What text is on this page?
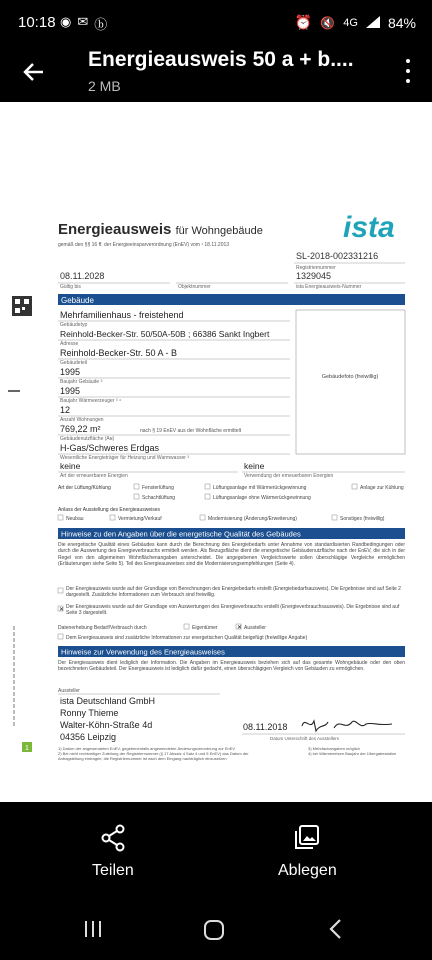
10:18 ◉ ✉ ⓑ	⏰ 🔇 4G 84%
Energieausweis 50 a + b....
2 MB
Energieausweis für Wohngebäude
gemäß den §§ 16 ff. der Energieeinsparverordnung (EnEV) vom ¹ 18.11.2013
ista
SL-2018-002331216
Registriernummer
08.11.2028
Gültig bis	Objektnummer
1329045
ista Energieausweis-Nummer
Gebäude
Mehrfamilienhaus - freistehend
Gebäudetyp
Reinhold-Becker-Str. 50/50A-50B ; 66386 Sankt Ingbert
Adresse
Reinhold-Becker-Str. 50 A - B
Gebäudeteil
1995
Baujahr Gebäude ³
1995
Baujahr Wärmeerzeuger ³ ⁴
12
Anzahl Wohnungen
769,22 m²	nach § 19 EnEV aus der Wohnfläche ermittelt
Gebäudenutzfläche (Aɴ)
H-Gas/Schweres Erdgas
Wesentliche Energieträger für Heizung und Warmwasser ³
Gebäudefoto (freiwillig)
keine
Art der erneuerbaren Energien
keine
Verwendung der erneuerbaren Energien
Art der Lüftung/Kühlung	Fensterlüftung
Schachtlüftung
Lüftungsanlage mit Wärmerückgewinnung
Lüftungsanlage ohne Wärmerückgewinnung
Anlage zur Kühlung
Anlass der Ausstellung des Energieausweises
Neubau	Vermietung/Verkauf	Modernisierung (Änderung/Erweiterung)	Sonstiges (freiwillig)
Hinweise zu den Angaben über die energetische Qualität des Gebäudes
Die energetische Qualität eines Gebäudes kann durch die Berechnung des Energiebedarfs unter Annahme von standardisierten Randbedingungen oder durch die Auswertung des Energieverbrauchs ermittelt werden. Als Bezugsfläche dient die energetische Gebäudenutzfläche nach der EnEV, die sich in der Regel von den allgemeinen Wohnflächenangaben unterscheidet. Die angegebenen Vergleichswerte sollen überschlägige Vergleiche ermöglichen (Erläuterungen siehe Seite 5). Teil des Energieausweises sind die Modernisierungsempfehlungen (Seite 4).
Der Energieausweis wurde auf der Grundlage von Berechnungen des Energiebedarfs erstellt (Energiebedarfsausweis). Die Ergebnisse sind auf Seite 2 dargestellt. Zusätzliche Informationen zum Verbrauch sind freiwillig.
✕ Der Energieausweis wurde auf der Grundlage von Auswertungen des Energieverbrauchs erstellt (Energieverbrauchsausweis). Die Ergebnisse sind auf Seite 3 dargestellt.
Datenerhebung Bedarf/Verbrauch durch	Eigentümer	✕ Aussteller
Dem Energieausweis sind zusätzliche Informationen zur energetischen Qualität beigefügt (freiwillige Angabe)
Hinweise zur Verwendung des Energieausweises
Der Energieausweis dient lediglich der Information. Die Angaben im Energieausweis beziehen sich auf das gesamte Wohngebäude oder den oben bezeichneten Gebäudeteil. Der Energieausweis ist lediglich dafür gedacht, einen überschlägigen Vergleich von Gebäuden zu ermöglichen.
Aussteller
ista Deutschland GmbH
Ronny Thieme
Walter-Köhn-Straße 4d
04356 Leipzig
08.11.2018
Datum Unterschrift des Ausstellers
1	1) Datum der angewendeten EnEV, gegebenenfalls angewendeten Änderungsverordnung zur EnEV
2) Bei nicht rechtzeitiger Zuteilung der Registriernummer (§ 17 Absatz 4 Satz 4 und 5 EnEV) das Datum der Antragstellung eintragen; die Registriernummer ist nach dem Eingang nachträglich einzusetzen
3) Mehrfachangaben möglich
4) bei Wärmenetzen Baujahr der Übergabestation
Teilen	Ablegen
